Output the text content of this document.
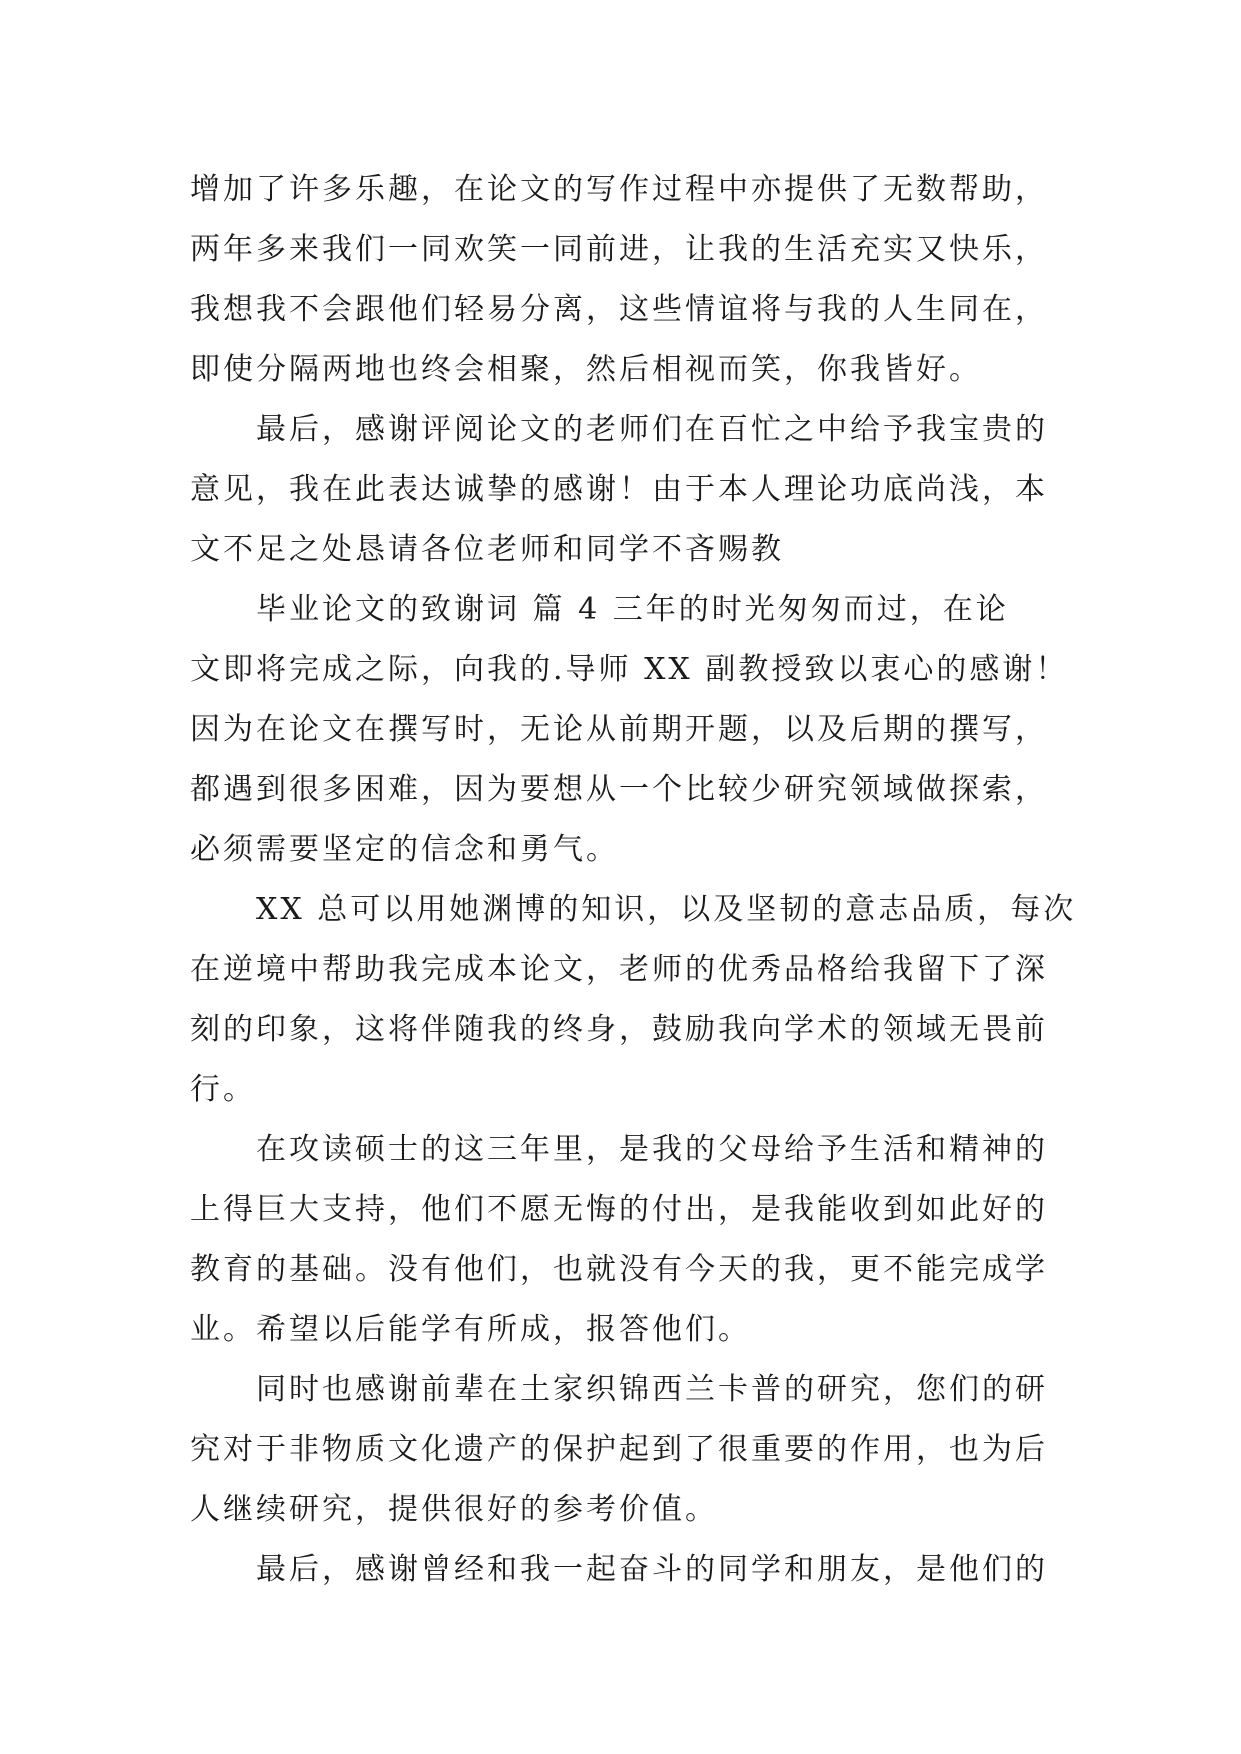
增加了许多乐趣，在论文的写作过程中亦提供了无数帮助，
两年多来我们一同欢笑一同前进，让我的生活充实又快乐，
我想我不会跟他们轻易分离，这些情谊将与我的人生同在，
即使分隔两地也终会相聚，然后相视而笑，你我皆好。
最后，感谢评阅论文的老师们在百忙之中给予我宝贵的
意见，我在此表达诚挚的感谢！由于本人理论功底尚浅，本
文不足之处恳请各位老师和同学不吝赐教
毕业论文的致谢词 篇 4 三年的时光匆匆而过，在论
文即将完成之际，向我的.导师 XX 副教授致以衷心的感谢！
因为在论文在撰写时，无论从前期开题，以及后期的撰写，
都遇到很多困难，因为要想从一个比较少研究领域做探索，
必须需要坚定的信念和勇气。
XX 总可以用她渊博的知识，以及坚韧的意志品质，每次
在逆境中帮助我完成本论文，老师的优秀品格给我留下了深
刻的印象，这将伴随我的终身，鼓励我向学术的领域无畏前
行。
在攻读硕士的这三年里，是我的父母给予生活和精神的
上得巨大支持，他们不愿无悔的付出，是我能收到如此好的
教育的基础。没有他们，也就没有今天的我，更不能完成学
业。希望以后能学有所成，报答他们。
同时也感谢前辈在土家织锦西兰卡普的研究，您们的研
究对于非物质文化遗产的保护起到了很重要的作用，也为后
人继续研究，提供很好的参考价值。
最后，感谢曾经和我一起奋斗的同学和朋友，是他们的
